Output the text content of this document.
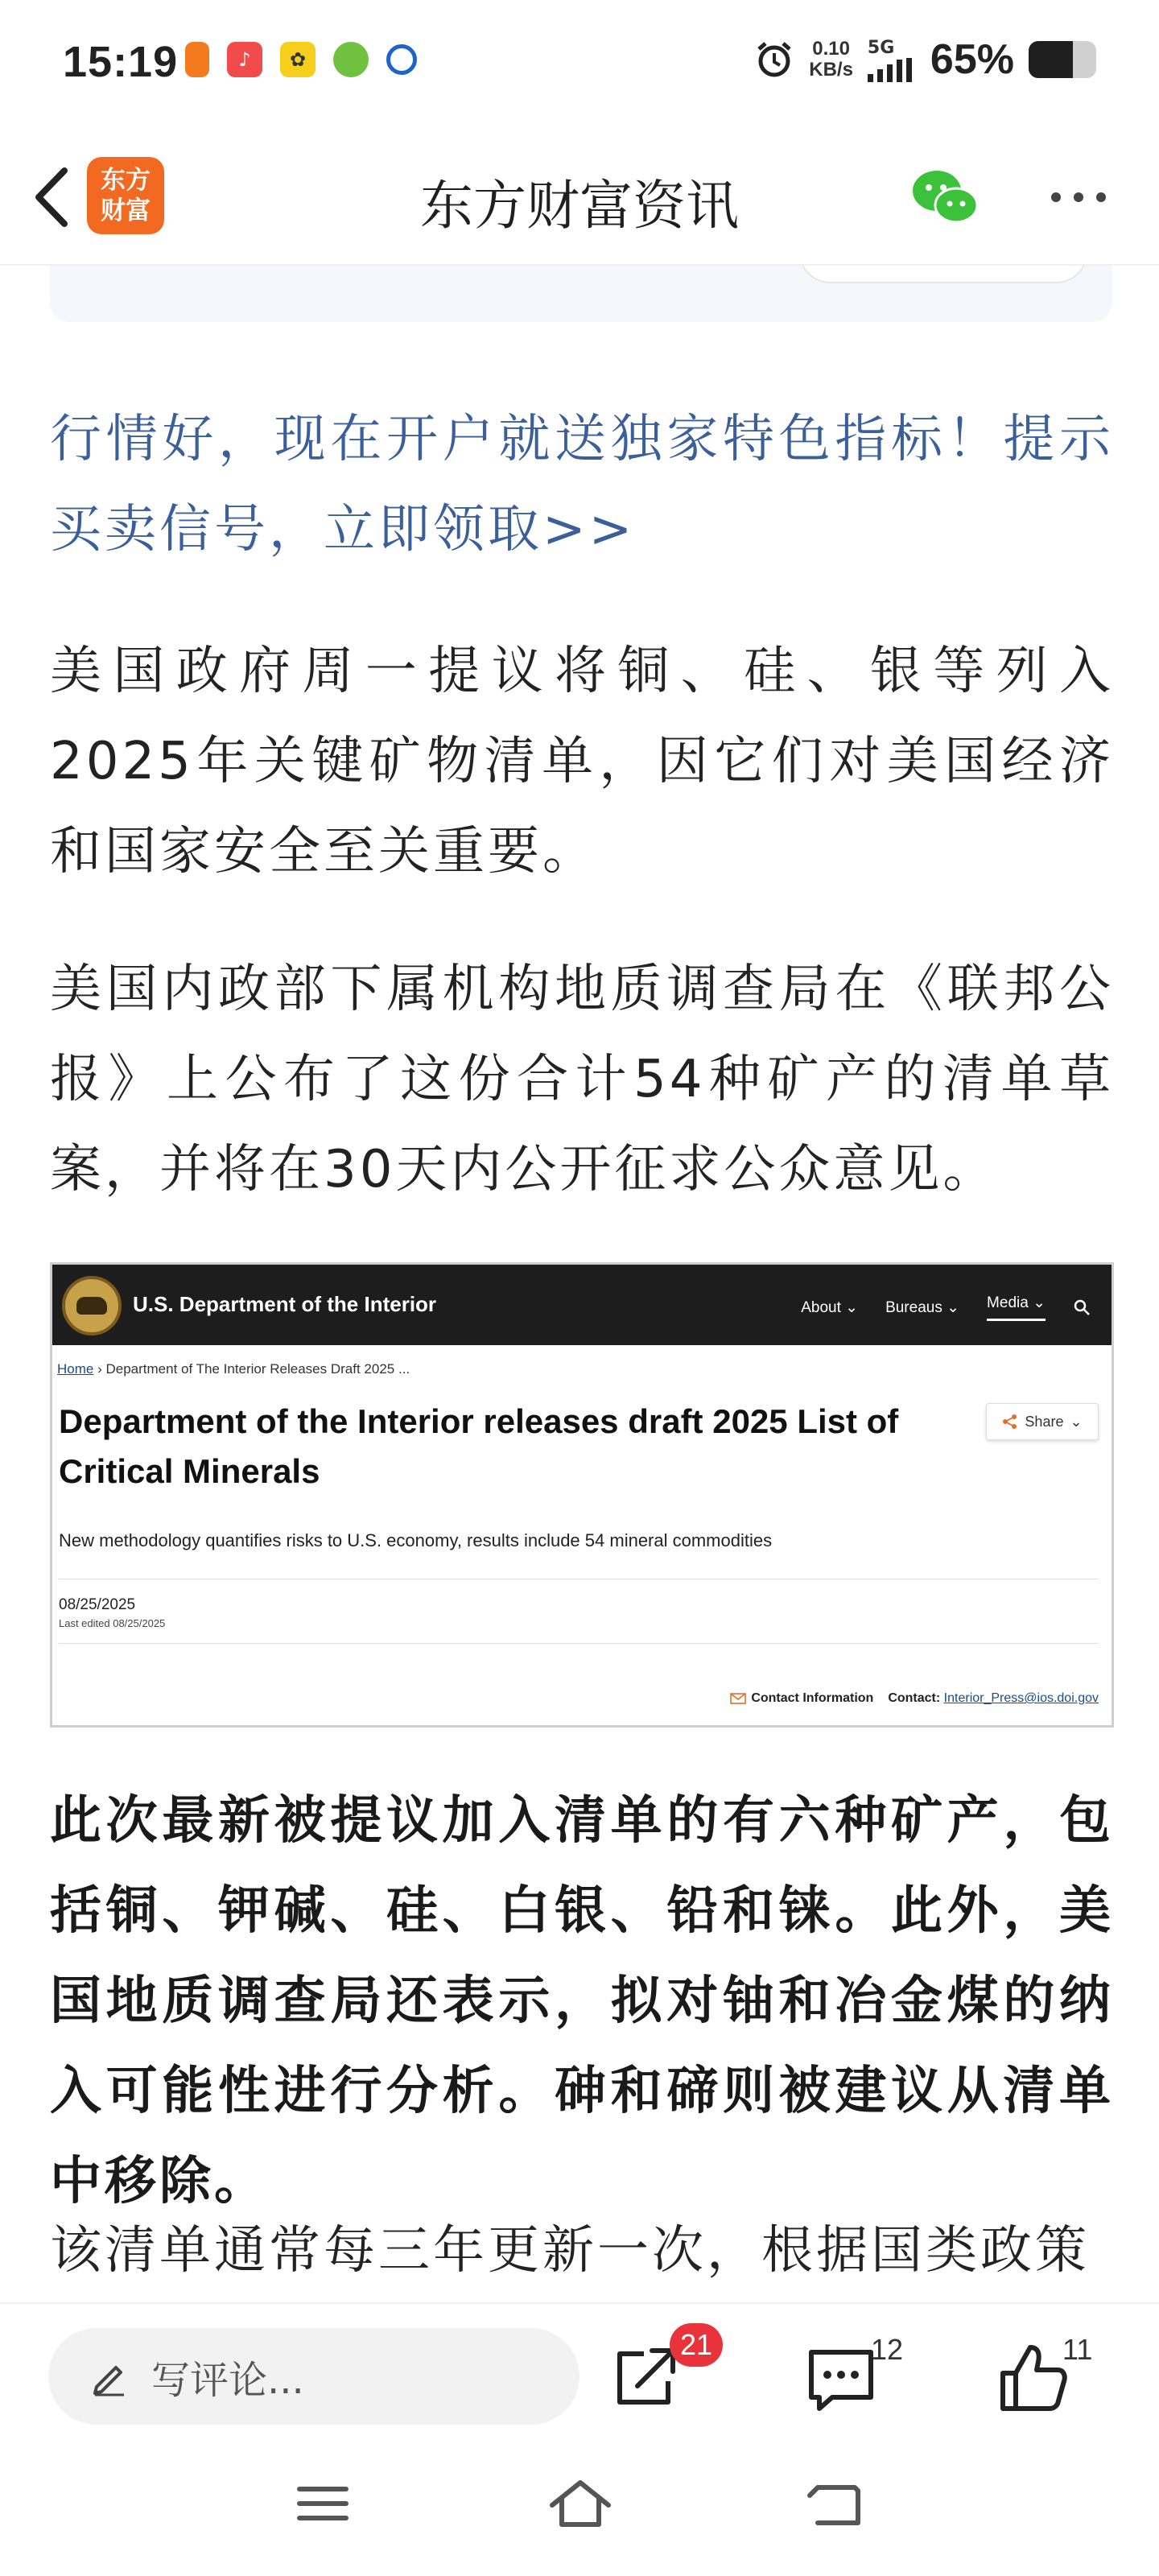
15:19	♪	✿	0.10
KB/s
5G 65%
东方
财富	东方财富资讯
行情好，现在开户就送独家特色指标！提示买卖信号，立即领取>>
美国政府周一提议将铜、硅、银等列入2025年关键矿物清单，因它们对美国经济和国家安全至关重要。
美国内政部下属机构地质调查局在《联邦公报》上公布了这份合计54种矿产的清单草案，并将在30天内公开征求公众意见。
U.S. Department of the Interior	About ⌄ Bureaus ⌄ Media ⌄
Home › Department of The Interior Releases Draft 2025 ...
Department of the Interior releases draft 2025 List of Critical Minerals
Share ⌄
New methodology quantifies risks to U.S. economy, results include 54 mineral commodities
08/25/2025
Last edited 08/25/2025
Contact Information Contact: Interior_Press@ios.doi.gov
此次最新被提议加入清单的有六种矿产，包括铜、钾碱、硅、白银、铅和铼。此外，美国地质调查局还表示，拟对铀和冶金煤的纳入可能性进行分析。砷和碲则被建议从清单中移除。
该清单通常每三年更新一次，根据国类政策
写评论...
21	12	11
